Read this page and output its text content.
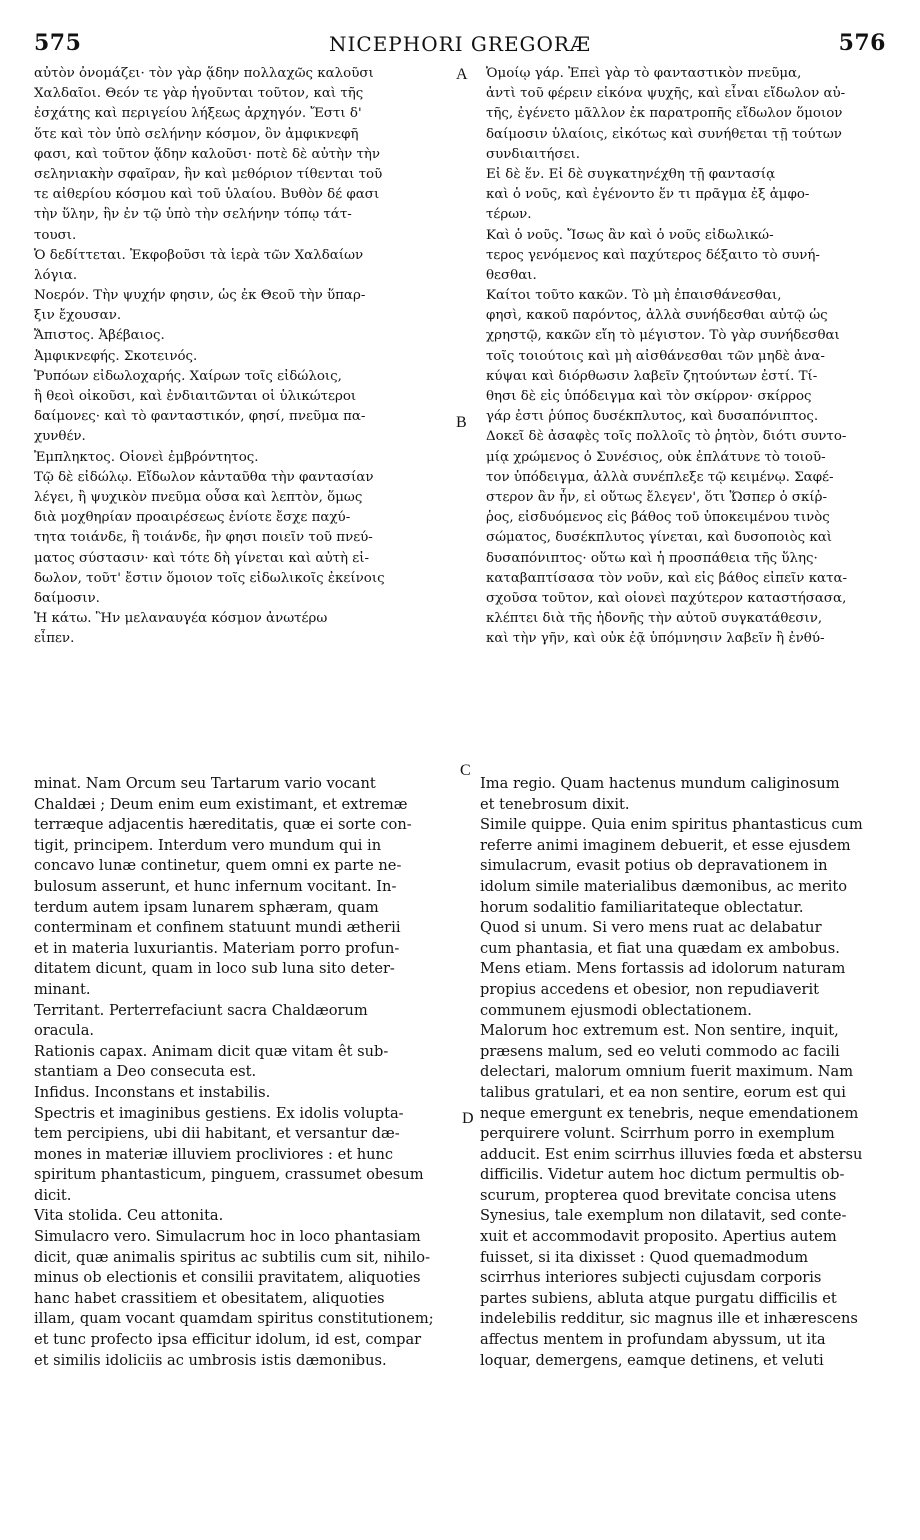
575	NICEPHORI GREGORÆ	576
A
B
C
D
αὐτὸν ὀνομάζει· τὸν γὰρ ᾅδην πολλαχῶς καλοῦσι
Χαλδαῖοι. Θεόν τε γὰρ ἡγοῦνται τοῦτον, καὶ τῆς
ἐσχάτης καὶ περιγείου λήξεως ἀρχηγόν. Ἔστι δ'
ὅτε καὶ τὸν ὑπὸ σελήνην κόσμον, ὃν ἀμφικνεφῆ
φασι, καὶ τοῦτον ᾅδην καλοῦσι· ποτὲ δὲ αὐτὴν τὴν
σεληνιακὴν σφαῖραν, ἣν καὶ μεθόριον τίθενται τοῦ
τε αἰθερίου κόσμου καὶ τοῦ ὑλαίου. Βυθὸν δέ φασι
τὴν ὕλην, ἣν ἐν τῷ ὑπὸ τὴν σελήνην τόπῳ τάτ-
τουσι.
Ὁ δεδίττεται. Ἐκφοβοῦσι τὰ ἱερὰ τῶν Χαλδαίων
λόγια.
Νοερόν. Τὴν ψυχήν φησιν, ὡς ἐκ Θεοῦ τὴν ὕπαρ-
ξιν ἔχουσαν.
Ἄπιστος. Ἀβέβαιος.
Ἀμφικνεφής. Σκοτεινός.
Ῥυπόων εἰδωλοχαρής. Χαίρων τοῖς εἰδώλοις,
ἢ θεοὶ οἰκοῦσι, καὶ ἐνδιαιτῶνται οἱ ὑλικώτεροι
δαίμονες· καὶ τὸ φανταστικόν, φησί, πνεῦμα πα-
χυνθέν.
Ἐμπληκτος. Οἱονεὶ ἐμβρόντητος.
Τῷ δὲ εἰδώλῳ. Εἴδωλον κἀνταῦθα τὴν φαντασίαν
λέγει, ἢ ψυχικὸν πνεῦμα οὖσα καὶ λεπτὸν, ὅμως
διὰ μοχθηρίαν προαιρέσεως ἐνίοτε ἔσχε παχύ-
τητα τοιάνδε, ἣ τοιάνδε, ἣν φησι ποιεῖν τοῦ πνεύ-
ματος σύστασιν· καὶ τότε δὴ γίνεται καὶ αὐτὴ εἰ-
δωλον, τοῦτ' ἔστιν ὅμοιον τοῖς εἰδωλικοῖς ἐκείνοις
δαίμοσιν.
Ἡ κάτω. Ἣν μελαναυγέα κόσμον ἀνωτέρω
εἶπεν.
Ὁμοίῳ γάρ. Ἐπεὶ γὰρ τὸ φανταστικὸν πνεῦμα,
ἀντὶ τοῦ φέρειν εἰκόνα ψυχῆς, καὶ εἶναι εἴδωλον αὐ-
τῆς, ἐγένετο μᾶλλον ἐκ παρατροπῆς εἴδωλον ὅμοιον
δαίμοσιν ὑλαίοις, εἰκότως καὶ συνήθεται τῇ τούτων
συνδιαιτήσει.
Εἰ δὲ ἕν. Εἰ δὲ συγκατηνέχθη τῇ φαντασίᾳ
καὶ ὁ νοῦς, καὶ ἐγένοντο ἕν τι πρᾶγμα ἐξ ἀμφο-
τέρων.
Καὶ ὁ νοῦς. Ἴσως ἂν καὶ ὁ νοῦς εἰδωλικώ-
τερος γενόμενος καὶ παχύτερος δέξαιτο τὸ συνή-
θεσθαι.
Καίτοι τοῦτο κακῶν. Τὸ μὴ ἐπαισθάνεσθαι,
φησὶ, κακοῦ παρόντος, ἀλλὰ συνήδεσθαι αὐτῷ ὡς
χρηστῷ, κακῶν εἴη τὸ μέγιστον. Τὸ γὰρ συνήδεσθαι
τοῖς τοιούτοις καὶ μὴ αἰσθάνεσθαι τῶν μηδὲ ἀνα-
κύψαι καὶ διόρθωσιν λαβεῖν ζητούντων ἐστί. Τί-
θησι δὲ εἰς ὑπόδειγμα καὶ τὸν σκίρρον· σκίρρος
γάρ ἐστι ῥύπος δυσέκπλυτος, καὶ δυσαπόνιπτος.
Δοκεῖ δὲ ἀσαφὲς τοῖς πολλοῖς τὸ ῥητὸν, διότι συντο-
μίᾳ χρώμενος ὁ Συνέσιος, οὐκ ἐπλάτυνε τὸ τοιοῦ-
τον ὑπόδειγμα, ἀλλὰ συνέπλεξε τῷ κειμένῳ. Σαφέ-
στερον ἂν ἦν, εἰ οὕτως ἔλεγεν', ὅτι Ὥσπερ ὁ σκίῤ-
ῥος, εἰσδυόμενος εἰς βάθος τοῦ ὑποκειμένου τινὸς
σώματος, δυσέκπλυτος γίνεται, καὶ δυσοποιὸς καὶ
δυσαπόνιπτος· οὕτω καὶ ἡ προσπάθεια τῆς ὕλης·
καταβαπτίσασα τὸν νοῦν, καὶ εἰς βάθος εἰπεῖν κατα-
σχοῦσα τοῦτον, καὶ οἱονεὶ παχύτερον καταστήσασα,
κλέπτει διὰ τῆς ἡδονῆς τὴν αὐτοῦ συγκατάθεσιν,
καὶ τὴν γῆν, καὶ οὐκ ἐᾷ ὑπόμνησιν λαβεῖν ἢ ἐνθύ-
minat. Nam Orcum seu Tartarum vario vocant
Chaldæi ; Deum enim eum existimant, et extremæ
terræque adjacentis hæreditatis, quæ ei sorte con-
tigit, principem. Interdum vero mundum qui in
concavo lunæ continetur, quem omni ex parte ne-
bulosum asserunt, et hunc infernum vocitant. In-
terdum autem ipsam lunarem sphæram, quam
conterminam et confinem statuunt mundi ætherii
et in materia luxuriantis. Materiam porro profun-
ditatem dicunt, quam in loco sub luna sito deter-
minant.
Territant. Perterrefaciunt sacra Chaldæorum
oracula.
Rationis capax. Animam dicit quæ vitam êt sub-
stantiam a Deo consecuta est.
Infidus. Inconstans et instabilis.
Spectris et imaginibus gestiens. Ex idolis volupta-
tem percipiens, ubi dii habitant, et versantur dæ-
mones in materiæ illuviem procliviores : et hunc
spiritum phantasticum, pinguem, crassumet obesum
dicit.
Vita stolida. Ceu attonita.
Simulacro vero. Simulacrum hoc in loco phantasiam
dicit, quæ animalis spiritus ac subtilis cum sit, nihilo-
minus ob electionis et consilii pravitatem, aliquoties
hanc habet crassitiem et obesitatem, aliquoties
illam, quam vocant quamdam spiritus constitutionem;
et tunc profecto ipsa efficitur idolum, id est, compar
et similis idoliciis ac umbrosis istis dæmonibus.
Ima regio. Quam hactenus mundum caliginosum
et tenebrosum dixit.
Simile quippe. Quia enim spiritus phantasticus cum
referre animi imaginem debuerit, et esse ejusdem
simulacrum, evasit potius ob depravationem in
idolum simile materialibus dæmonibus, ac merito
horum sodalitio familiaritateque oblectatur.
Quod si unum. Si vero mens ruat ac delabatur
cum phantasia, et fiat una quædam ex ambobus.
Mens etiam. Mens fortassis ad idolorum naturam
propius accedens et obesior, non repudiaverit
communem ejusmodi oblectationem.
Malorum hoc extremum est. Non sentire, inquit,
præsens malum, sed eo veluti commodo ac facili
delectari, malorum omnium fuerit maximum. Nam
talibus gratulari, et ea non sentire, eorum est qui
neque emergunt ex tenebris, neque emendationem
perquirere volunt. Scirrhum porro in exemplum
adducit. Est enim scirrhus illuvies fœda et abstersu
difficilis. Videtur autem hoc dictum permultis ob-
scurum, propterea quod brevitate concisa utens
Synesius, tale exemplum non dilatavit, sed conte-
xuit et accommodavit proposito. Apertius autem
fuisset, si ita dixisset : Quod quemadmodum
scirrhus interiores subjecti cujusdam corporis
partes subiens, abluta atque purgatu difficilis et
indelebilis redditur, sic magnus ille et inhærescens
affectus mentem in profundam abyssum, ut ita
loquar, demergens, eamque detinens, et veluti
